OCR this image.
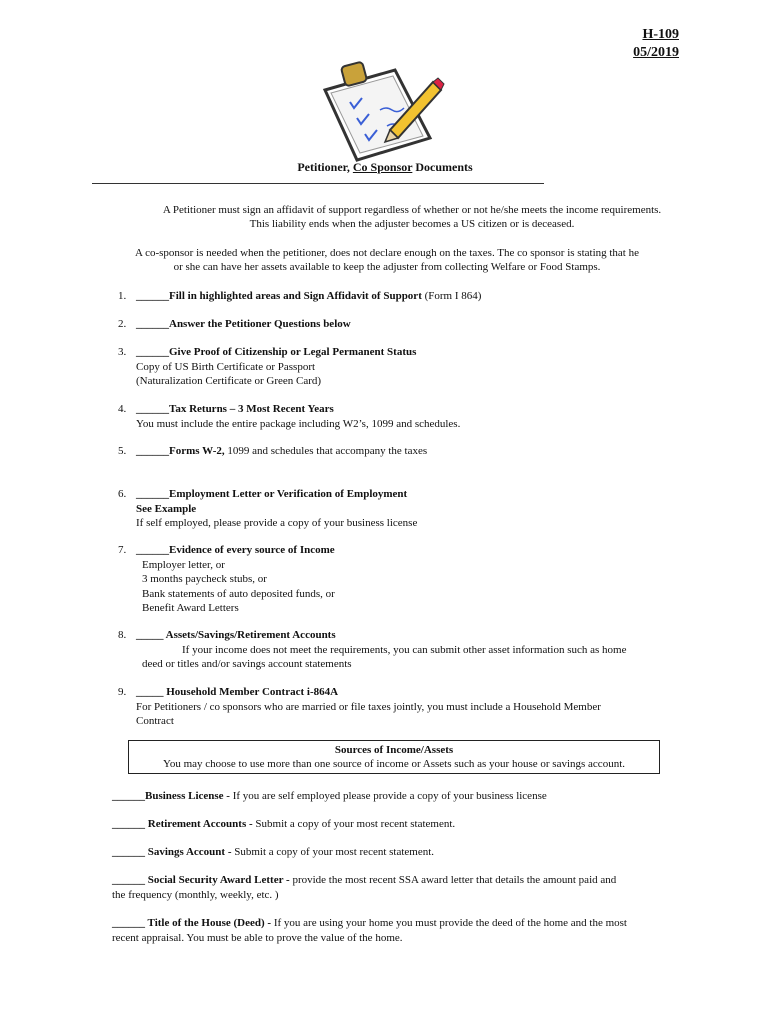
H-109
05/2019
Petitioner, Co Sponsor Documents
A Petitioner must sign an affidavit of support regardless of whether or not he/she meets the income requirements.
This liability ends when the adjuster becomes a US citizen or is deceased.
A co-sponsor is needed when the petitioner, does not declare enough on the taxes. The co sponsor is stating that he
or she can have her assets available to keep the adjuster from collecting Welfare or Food Stamps.
1. ______Fill in highlighted areas and Sign Affidavit of Support (Form I 864)
2. ______Answer the Petitioner Questions below
3. ______Give Proof of Citizenship or Legal Permanent Status
Copy of US Birth Certificate or Passport
(Naturalization Certificate or Green Card)
4. ______Tax Returns – 3 Most Recent Years
You must include the entire package including W2’s, 1099 and schedules.
5. ______Forms W-2, 1099 and schedules that accompany the taxes
6. ______Employment Letter or Verification of Employment
See Example
If self employed, please provide a copy of your business license
7. ______Evidence of every source of Income
Employer letter, or
3 months paycheck stubs, or
Bank statements of auto deposited funds, or
Benefit Award Letters
8. _____ Assets/Savings/Retirement Accounts
If your income does not meet the requirements, you can submit other asset information such as home
deed or titles and/or savings account statements
9. _____ Household Member Contract i-864A
For Petitioners / co sponsors who are married or file taxes jointly, you must include a Household Member
Contract
Sources of Income/Assets
You may choose to use more than one source of income or Assets such as your house or savings account.
______Business License - If you are self employed please provide a copy of your business license
______ Retirement Accounts - Submit a copy of your most recent statement.
______ Savings Account - Submit a copy of your most recent statement.
______ Social Security Award Letter - provide the most recent SSA award letter that details the amount paid and
the frequency (monthly, weekly, etc. )
______ Title of the House (Deed) - If you are using your home you must provide the deed of the home and the most
recent appraisal. You must be able to prove the value of the home.
